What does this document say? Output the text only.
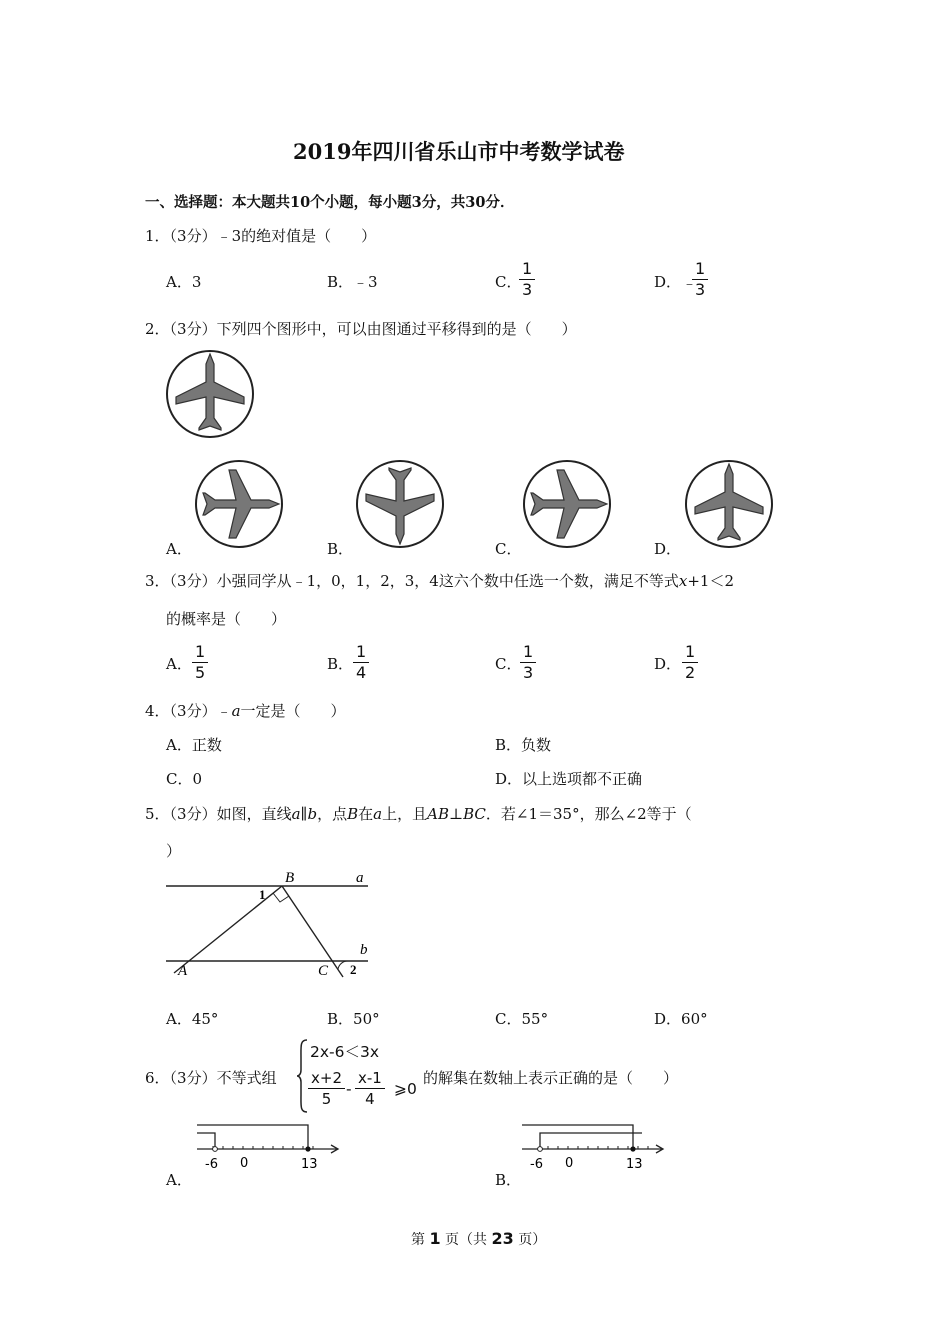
2019年四川省乐山市中考数学试卷
一、选择题：本大题共10个小题，每小题3分，共30分．
1．（3分）﹣3的绝对值是（　　）
A．3	B．﹣3	C．
1
3	D． ﹣
1
3
2．（3分）下列四个图形中，可以由图通过平移得到的是（　　）
A．	B．	C．	D．
3．（3分）小强同学从﹣1，0，1，2，3，4这六个数中任选一个数，满足不等式x+1＜2
的概率是（　　）
A．
1
5	B．
1
4	C．
1
3	D．
1
2
4．（3分）﹣a一定是（　　）
A．正数	B．负数
C．0	D．以上选项都不正确
5．（3分）如图，直线a∥b，点B在a上，且AB⊥BC．若∠1＝35°，那么∠2等于（
）
B	a
b
A	C
1
2
A．45°	B．50°	C．55°	D．60°
6．（3分）不等式组
2x-6＜3x
x+2
5
-
x-1
4
⩾0
的解集在数轴上表示正确的是（　　）
-6 0	13
A．
-6 0	13
B．
第 1 页（共 23 页）
